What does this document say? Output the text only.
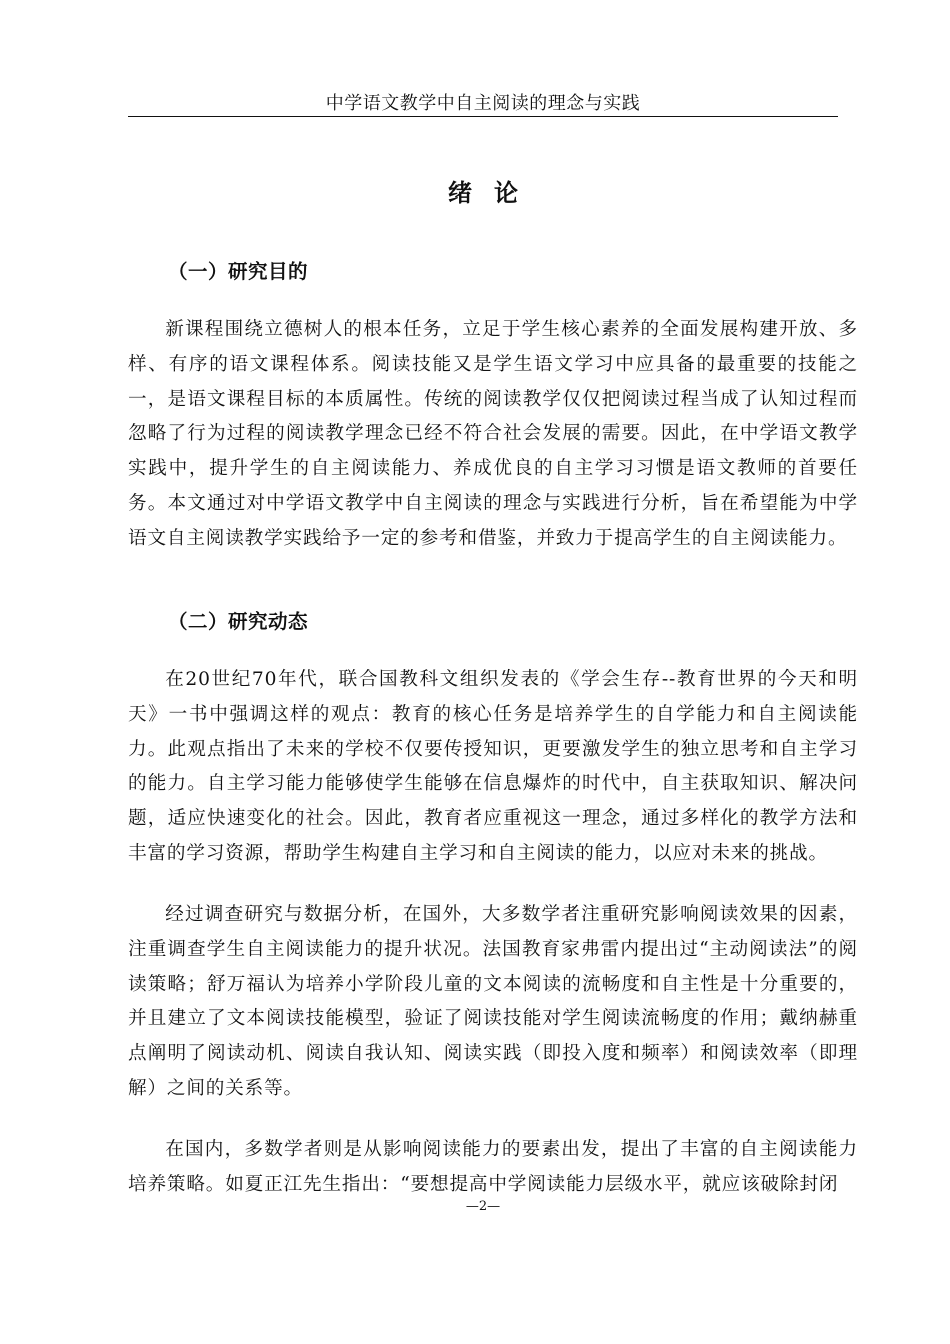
中学语文教学中自主阅读的理念与实践
绪论
（一）研究目的

新课程围绕立德树人的根本任务，立足于学生核心素养的全面发展构建开放、多样、有序的语文课程体系。阅读技能又是学生语文学习中应具备的最重要的技能之一，是语文课程目标的本质属性。传统的阅读教学仅仅把阅读过程当成了认知过程而忽略了行为过程的阅读教学理念已经不符合社会发展的需要。因此，在中学语文教学实践中，提升学生的自主阅读能力、养成优良的自主学习习惯是语文教师的首要任务。本文通过对中学语文教学中自主阅读的理念与实践进行分析，旨在希望能为中学语文自主阅读教学实践给予一定的参考和借鉴，并致力于提高学生的自主阅读能力。

（二）研究动态

在20世纪70年代，联合国教科文组织发表的《学会生存--教育世界的今天和明天》一书中强调这样的观点：教育的核心任务是培养学生的自学能力和自主阅读能力。此观点指出了未来的学校不仅要传授知识，更要激发学生的独立思考和自主学习的能力。自主学习能力能够使学生能够在信息爆炸的时代中，自主获取知识、解决问题，适应快速变化的社会。因此，教育者应重视这一理念，通过多样化的教学方法和丰富的学习资源，帮助学生构建自主学习和自主阅读的能力，以应对未来的挑战。

经过调查研究与数据分析，在国外，大多数学者注重研究影响阅读效果的因素，注重调查学生自主阅读能力的提升状况。法国教育家弗雷内提出过“主动阅读法”的阅读策略；舒万福认为培养小学阶段儿童的文本阅读的流畅度和自主性是十分重要的，并且建立了文本阅读技能模型，验证了阅读技能对学生阅读流畅度的作用；戴纳赫重点阐明了阅读动机、阅读自我认知、阅读实践（即投入度和频率）和阅读效率（即理解）之间的关系等。

在国内，多数学者则是从影响阅读能力的要素出发，提出了丰富的自主阅读能力培养策略。如夏正江先生指出：“要想提高中学阅读能力层级水平，就应该破除封闭

—2—
